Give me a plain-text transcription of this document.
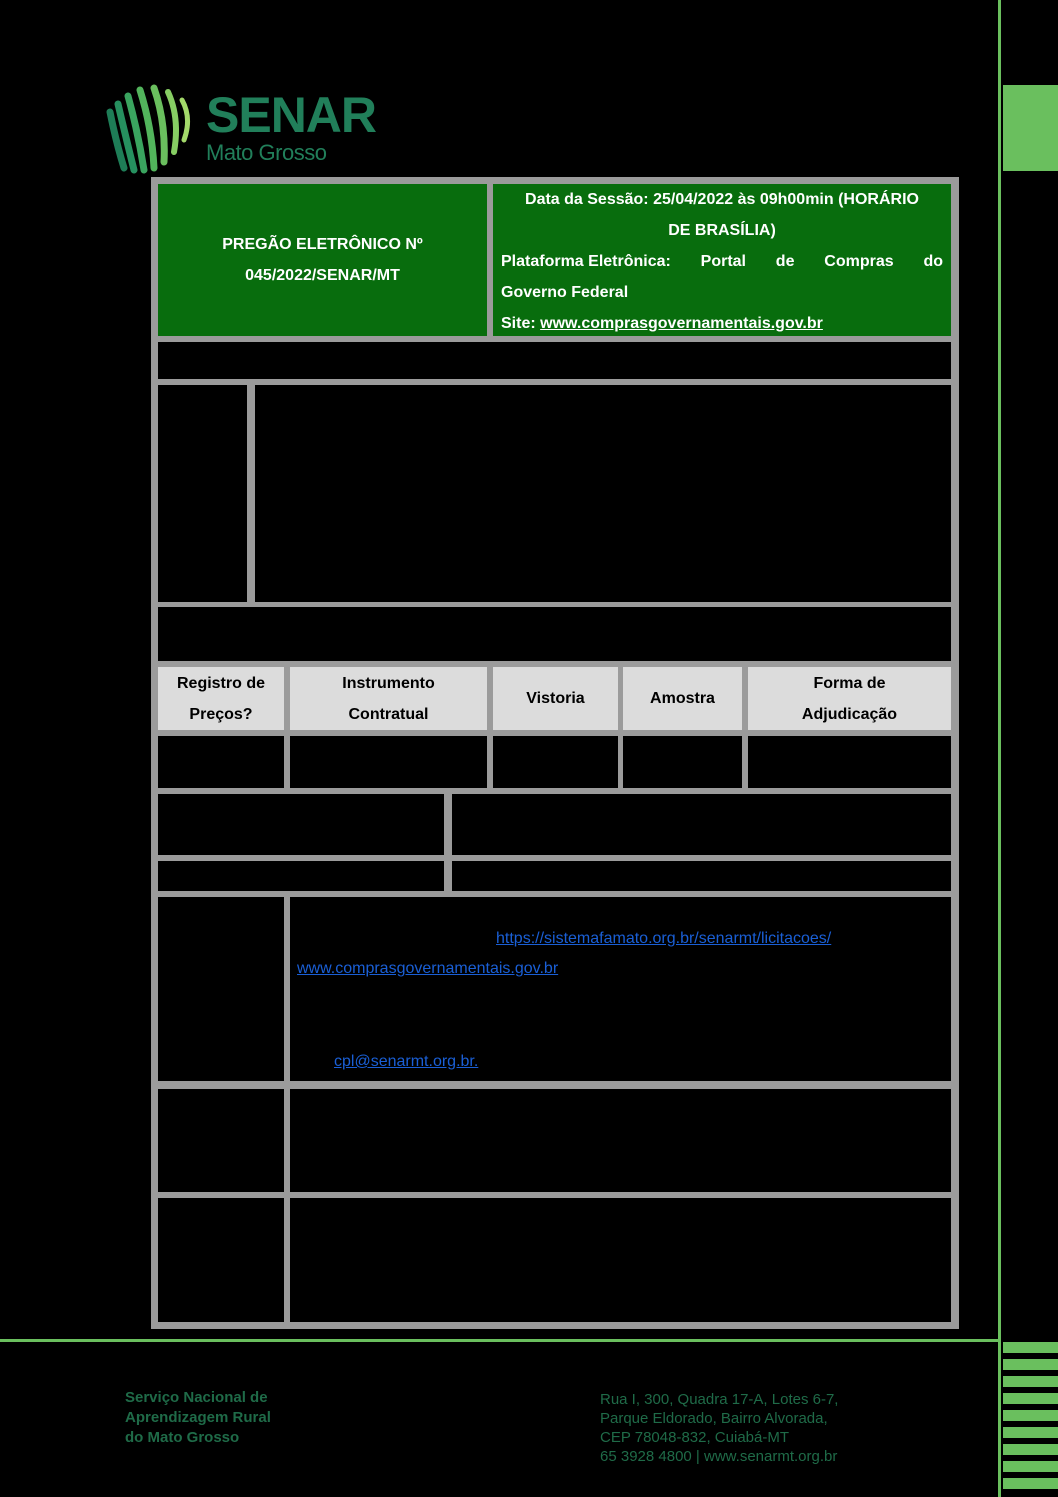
SENAR
Mato Grosso
PREGÃO ELETRÔNICO Nº
045/2022/SENAR/MT
Data da Sessão: 25/04/2022 às 09h00min (HORÁRIO
DE BRASÍLIA)
Plataforma Eletrônica: Portal de Compras do
Governo Federal
Site: www.comprasgovernamentais.gov.br
Registro de
Preços?
Instrumento
Contratual
Vistoria	Amostra
Forma de
Adjudicação
https://sistemafamato.org.br/senarmt/licitacoes/
www.comprasgovernamentais.gov.br
cpl@senarmt.org.br.
Serviço Nacional de
Aprendizagem Rural
do Mato Grosso
Rua I, 300, Quadra 17-A, Lotes 6-7,
Parque Eldorado, Bairro Alvorada,
CEP 78048-832, Cuiabá-MT
65 3928 4800 | www.senarmt.org.br
